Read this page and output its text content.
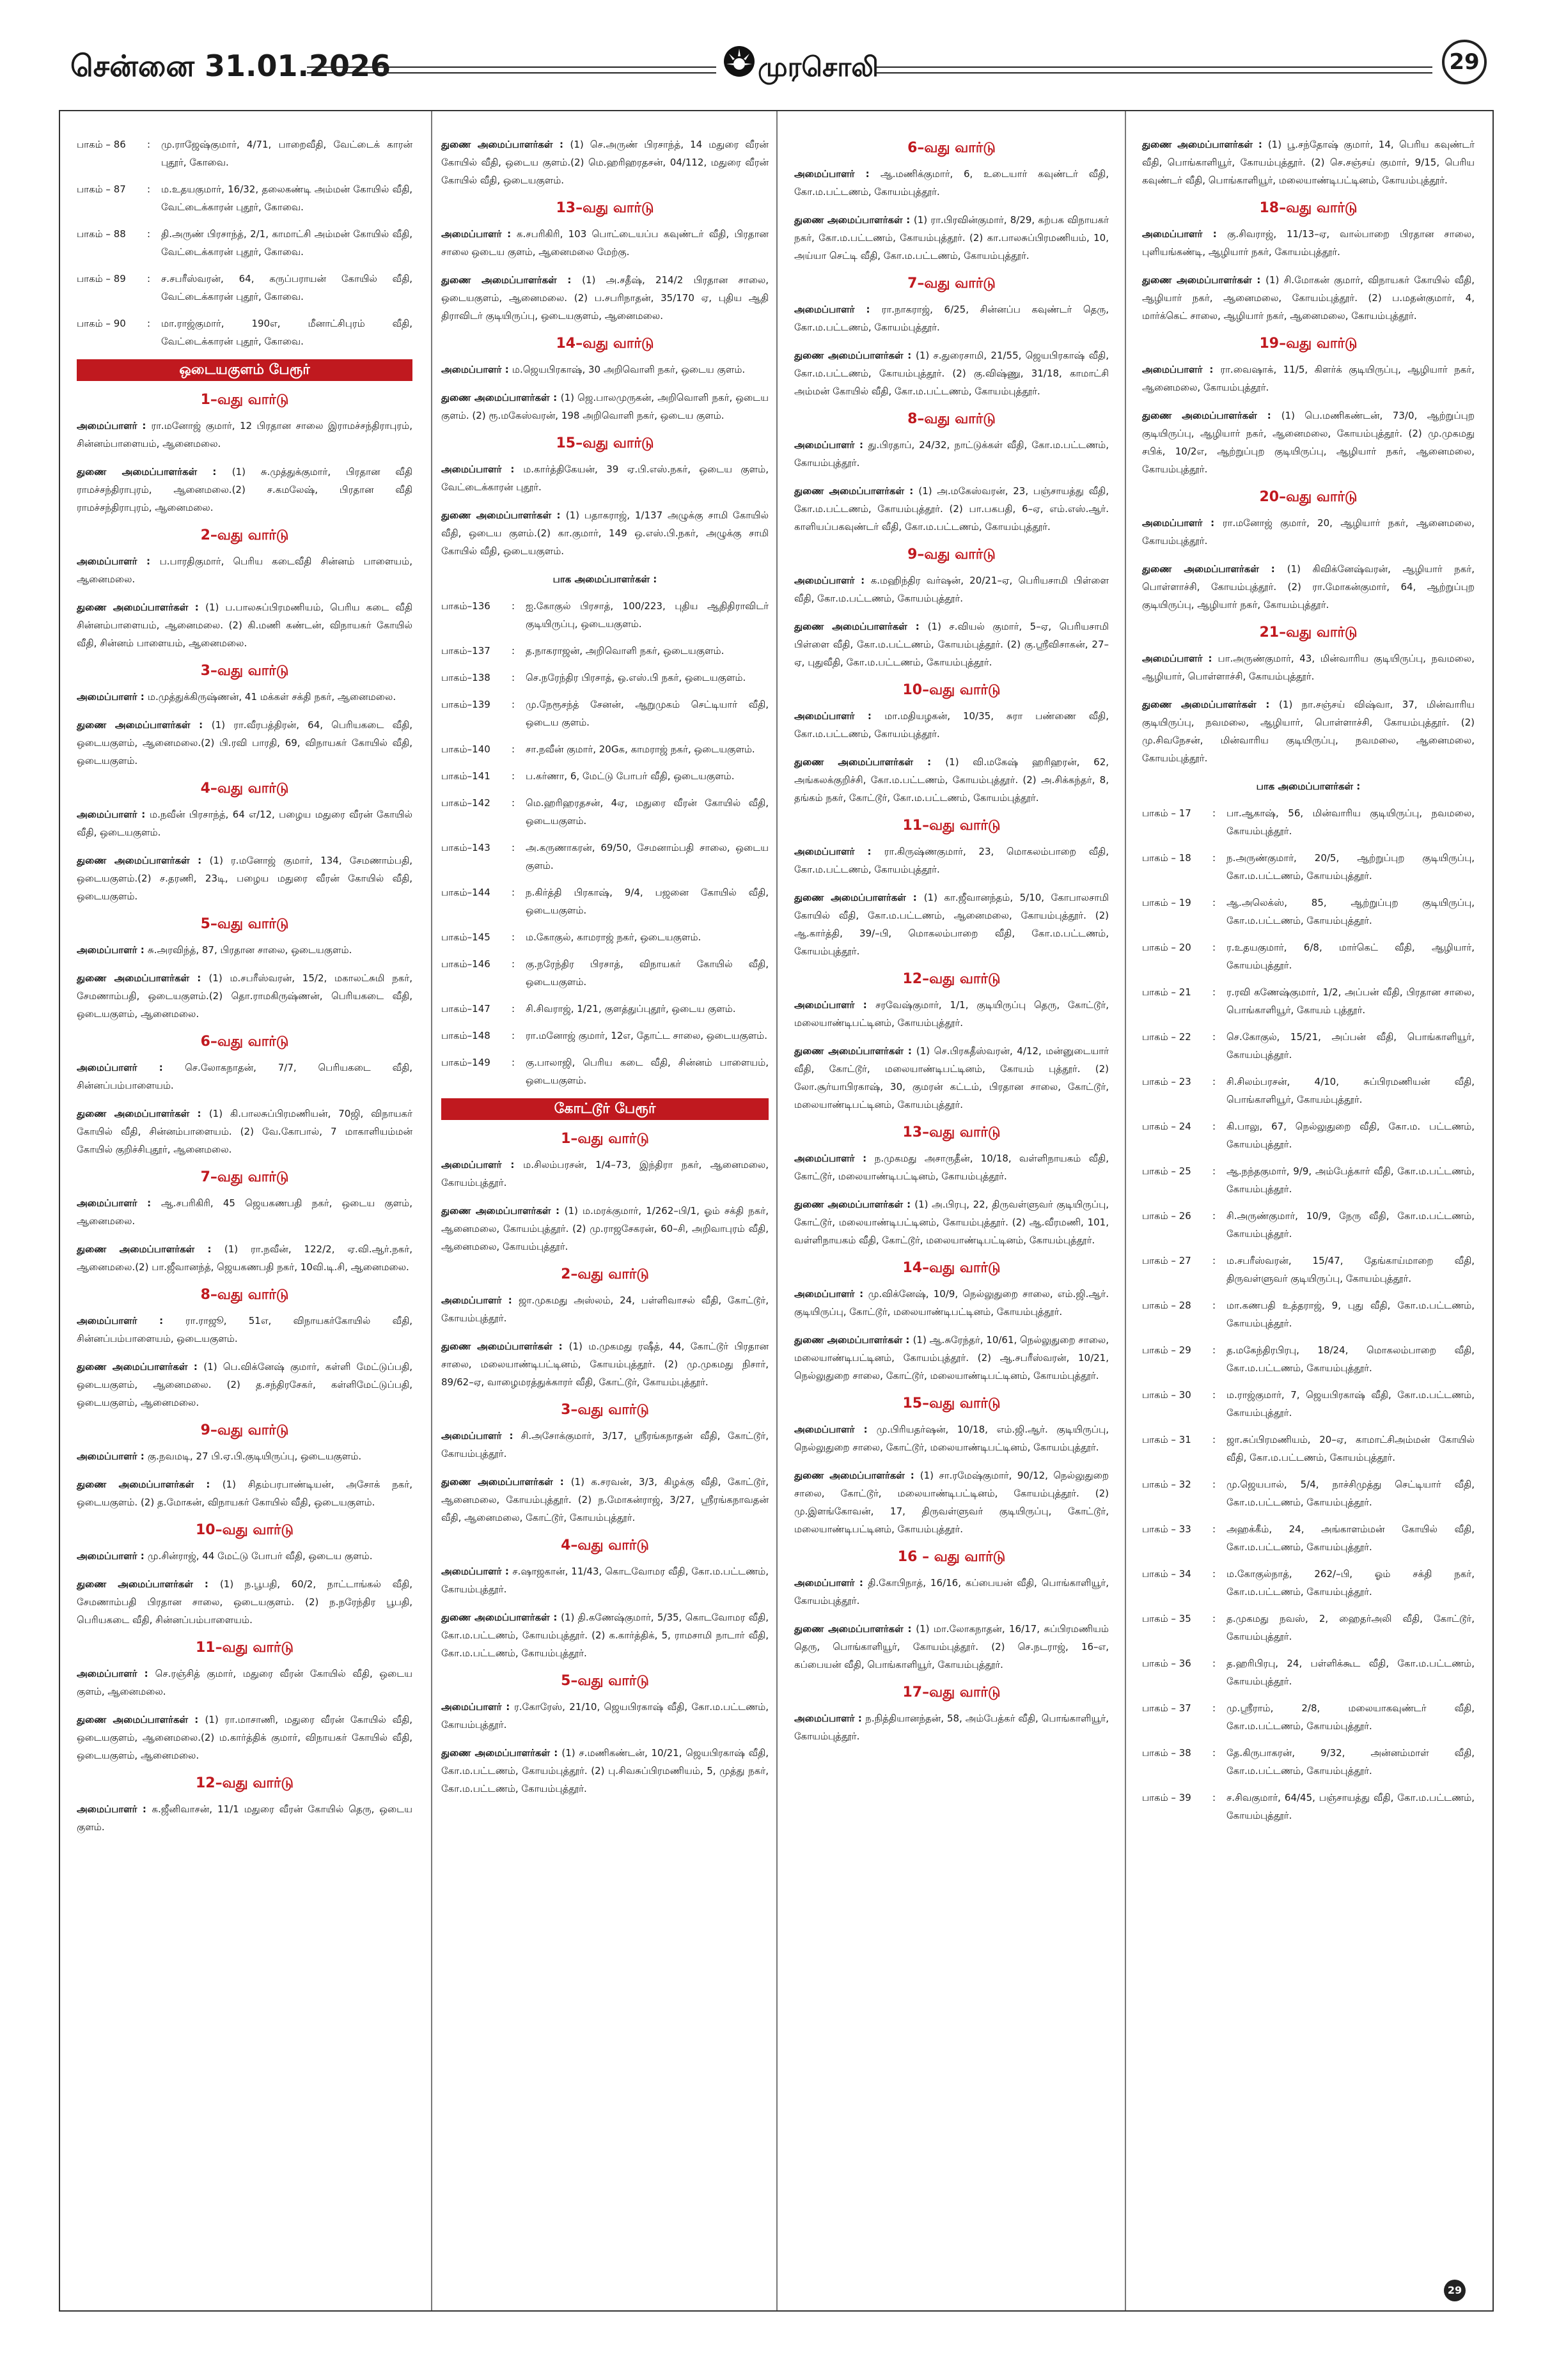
சென்னை 31.01.2026	முரசொலி	29
பாகம் – 86	:	மு.ராஜேஷ்குமார், 4/71, பாறைவீதி, வேட்டைக் காரன் புதூர், கோவை.
பாகம் – 87	:	ம.உதயகுமார், 16/32, தலைகண்டி அம்மன் கோயில் வீதி, வேட்டைக்காரன் புதூர், கோவை.
பாகம் – 88	:	தி.அருண் பிரசாந்த், 2/1, காமாட்சி அம்மன் கோயில் வீதி, வேட்டைக்காரன் புதூர், கோவை.
பாகம் – 89	:	ச.சபரீஸ்வரன், 64, கருப்பராயன் கோயில் வீதி, வேட்டைக்காரன் புதூர், கோவை.
பாகம் – 90	:	மா.ராஜ்குமார், 190எ, மீனாட்சிபுரம் வீதி, வேட்டைக்காரன் புதூர், கோவை.
ஒடையகுளம் பேரூர்
1–வது வார்டு

அமைப்பாளர் : ரா.மனோஜ் குமார், 12 பிரதான சாலை இராமச்சந்திராபுரம், சின்னம்பாளையம், ஆனைமலை.

துணை அமைப்பாளர்கள் : (1) சு.முத்துக்குமார், பிரதான வீதி ராமச்சந்திராபுரம், ஆனைமலை.(2) ச.கமலேஷ், பிரதான வீதி ராமச்சந்திராபுரம், ஆனைமலை.

2–வது வார்டு

அமைப்பாளர் : ப.பாரதிகுமார், பெரிய கடைவீதி சின்னம் பாளையம், ஆனைமலை.

துணை அமைப்பாளர்கள் : (1) ப.பாலசுப்பிரமணியம், பெரிய கடை வீதி சின்னம்பாளையம், ஆனைமலை. (2) கி.மணி கண்டன், விநாயகர் கோயில் வீதி, சின்னம் பாளையம், ஆனைமலை.

3–வது வார்டு

அமைப்பாளர் : ம.முத்துக்கிருஷ்ணன், 41 மக்கள் சக்தி நகர், ஆனைமலை.

துணை அமைப்பாளர்கள் : (1) ரா.வீரபத்திரன், 64, பெரியகடை வீதி, ஒடையகுளம், ஆனைமலை.(2) பி.ரவி பாரதி, 69, விநாயகர் கோயில் வீதி, ஒடையகுளம்.

4–வது வார்டு

அமைப்பாளர் : ம.நவீன் பிரசாந்த், 64 எ/12, பழைய மதுரை வீரன் கோயில் வீதி, ஒடையகுளம்.

துணை அமைப்பாளர்கள் : (1) ர.மனோஜ் குமார், 134, சேமணாம்பதி, ஒடையகுளம்.(2) ச.தரணி, 23டி, பழைய மதுரை வீரன் கோயில் வீதி, ஒடையகுளம்.

5–வது வார்டு

அமைப்பாளர் : சு.அரவிந்த், 87, பிரதான சாலை, ஒடையகுளம்.

துணை அமைப்பாளர்கள் : (1) ம.சபரீஸ்வரன், 15/2, மகாலட்சுமி நகர், சேமணாம்பதி, ஒடையகுளம்.(2) தொ.ராமகிருஷ்ணன், பெரியகடை வீதி, ஒடையகுளம், ஆனைமலை.

6–வது வார்டு

அமைப்பாளர் : செ.லோகநாதன், 7/7, பெரியகடை வீதி, சின்னப்பம்பாளையம்.

துணை அமைப்பாளர்கள் : (1) கி.பாலசுப்பிரமணியன், 70ஜி, விநாயகர் கோயில் வீதி, சின்னம்பாளையம். (2) வே.கோபால், 7 மாகாளியம்மன் கோயில் குறிச்சிபுதூர், ஆனைமலை.

7–வது வார்டு

அமைப்பாளர் : ஆ.சபரிகிரி, 45 ஜெயகணபதி நகர், ஒடைய குளம், ஆனைமலை.

துணை அமைப்பாளர்கள் : (1) ரா.நவீன், 122/2, ஏ.வி.ஆர்.நகர், ஆனைமலை.(2) பா.ஜீவானந்த், ஜெயகணபதி நகர், 10வி.டி.சி, ஆனைமலை.

8–வது வார்டு

அமைப்பாளர் : ரா.ராஜூ, 51எ, விநாயகர்கோயில் வீதி, சின்னப்பம்பாளையம், ஒடையகுளம்.

துணை அமைப்பாளர்கள் : (1) பெ.விக்னேஷ் குமார், கள்ளி மேட்டுப்பதி, ஒடையகுளம், ஆனைமலை. (2) த.சந்திரசேகர், கள்ளிமேட்டுப்பதி, ஒடையகுளம், ஆனைமலை.

9–வது வார்டு

அமைப்பாளர் : கு.நவமடி, 27 பி.ஏ.பி.குடியிருப்பு, ஒடையகுளம்.

துணை அமைப்பாளர்கள் : (1) சிதம்பரபாண்டியன், அசோக் நகர், ஒடையகுளம். (2) த.மோகன், விநாயகர் கோயில் வீதி, ஒடையகுளம்.

10–வது வார்டு

அமைப்பாளர் : மு.சின்ராஜ், 44 மேட்டு போபர் வீதி, ஒடைய குளம்.

துணை அமைப்பாளர்கள் : (1) ந.பூபதி, 60/2, நாட்டாங்கல் வீதி, சேமணாம்பதி பிரதான சாலை, ஒடையகுளம். (2) ந.நரேந்திர பூபதி, பெரியகடை வீதி, சின்னப்பம்பாளையம்.

11–வது வார்டு

அமைப்பாளர் : செ.ரஞ்சித் குமார், மதுரை வீரன் கோயில் வீதி, ஒடைய குளம், ஆனைமலை.

துணை அமைப்பாளர்கள் : (1) ரா.மாசாணி, மதுரை வீரன் கோயில் வீதி, ஒடையகுளம், ஆனைமலை.(2) ம.கார்த்திக் குமார், விநாயகர் கோயில் வீதி, ஒடையகுளம், ஆனைமலை.

12–வது வார்டு

அமைப்பாளர் : க.ஜீனிவாசன், 11/1 மதுரை வீரன் கோயில் தெரு, ஒடைய குளம்.

துணை அமைப்பாளர்கள் : (1) செ.அருண் பிரசாந்த், 14 மதுரை வீரன் கோயில் வீதி, ஒடைய குளம்.(2) மெ.ஹரிஹரதசன், 04/112, மதுரை வீரன் கோயில் வீதி, ஒடையகுளம்.

13–வது வார்டு

அமைப்பாளர் : க.சபரிகிரி, 103 பொட்டையப்ப கவுண்டர் வீதி, பிரதான சாலை ஒடைய குளம், ஆனைமலை மேற்கு.

துணை அமைப்பாளர்கள் : (1) அ.சதீஷ், 214/2 பிரதான சாலை, ஒடையகுளம், ஆனைமலை. (2) ப.சபரிநாதன், 35/170 ஏ, புதிய ஆதி திராவிடர் குடியிருப்பு, ஒடையகுளம், ஆனைமலை.

14–வது வார்டு

அமைப்பாளர் : ம.ஜெயபிரகாஷ், 30 அறிவொளி நகர், ஒடைய குளம்.

துணை அமைப்பாளர்கள் : (1) ஜெ.பாலமுருகன், அறிவொளி நகர், ஒடைய குளம். (2) ரூ.மகேஸ்வரன், 198 அறிவொளி நகர், ஒடைய குளம்.

15–வது வார்டு

அமைப்பாளர் : ம.கார்த்திகேயன், 39 ஏ.பி.எஸ்.நகர், ஒடைய குளம், வேட்டைக்காரன் புதூர்.

துணை அமைப்பாளர்கள் : (1) பதாகராஜ், 1/137 அழுக்கு சாமி கோயில் வீதி, ஒடைய குளம்.(2) கா.குமார், 149 ஒ.எஸ்.பி.நகர், அழுக்கு சாமி கோயில் வீதி, ஒடையகுளம்.

பாக அமைப்பாளர்கள் :
பாகம்–136	:	ஐ.கோகுல் பிரசாத், 100/223, புதிய ஆதிதிராவிடர் குடியிருப்பு, ஒடையகுளம்.
பாகம்–137	:	த.நாகராஜன், அறிவொளி நகர், ஒடையகுளம்.
பாகம்–138	:	செ.நரேந்திர பிரசாத், ஒ.எஸ்.பி நகர், ஒடையகுளம்.
பாகம்–139	:	மு.நேரூசந்த் சேனன், ஆறுமுகம் செட்டியார் வீதி, ஒடைய குளம்.
பாகம்–140	:	சா.நவீன் குமார், 20Gக, காமராஜ் நகர், ஒடையகுளம்.
பாகம்–141	:	ப.கர்ணா, 6, மேட்டு போபர் வீதி, ஒடையகுளம்.
பாகம்–142	:	மெ.ஹரிஹரதசன், 4ஏ, மதுரை வீரன் கோயில் வீதி, ஒடையகுளம்.
பாகம்–143	:	அ.கருணாகரன், 69/50, சேமனாம்பதி சாலை, ஒடைய குளம்.
பாகம்–144	:	ந.கிர்த்தி பிரகாஷ், 9/4, பஜனை கோயில் வீதி, ஒடையகுளம்.
பாகம்–145	:	ம.கோகுல், காமராஜ் நகர், ஒடையகுளம்.
பாகம்–146	:	கு.நரேந்திர பிரசாத், விநாயகர் கோயில் வீதி, ஒடையகுளம்.
பாகம்–147	:	சி.சிவராஜ், 1/21, குளத்துப்புதூர், ஒடைய குளம்.
பாகம்–148	:	ரா.மனோஜ் குமார், 12எ, தோட்ட சாலை, ஒடையகுளம்.
பாகம்–149	:	கு.பாலாஜி, பெரிய கடை வீதி, சின்னம் பாளையம், ஒடையகுளம்.
கோட்டூர் பேரூர்
1–வது வார்டு

அமைப்பாளர் : ம.சிலம்பரசன், 1/4–73, இந்திரா நகர், ஆனைமலை, கோயம்புத்தூர்.

துணை அமைப்பாளர்கள் : (1) ம.மரக்குமார், 1/262–பி/1, ஓம் சக்தி நகர், ஆனைமலை, கோயம்புத்தூர். (2) மு.ராஜசேகரன், 60–சி, அறிவாபுரம் வீதி, ஆனைமலை, கோயம்புத்தூர்.

2–வது வார்டு

அமைப்பாளர் : ஜா.முகமது அஸ்லம், 24, பள்ளிவாசல் வீதி, கோட்டூர், கோயம்புத்தூர்.

துணை அமைப்பாளர்கள் : (1) ம.முகமது ரஷீத், 44, கோட்டூர் பிரதான சாலை, மலையாண்டிபட்டினம், கோயம்புத்தூர். (2) மு.முகமது நிசார், 89/62–ஏ, வாழைமரத்துக்காரர் வீதி, கோட்டூர், கோயம்புத்தூர்.

3–வது வார்டு

அமைப்பாளர் : சி.அசோக்குமார், 3/17, ஸ்ரீரங்கநாதன் வீதி, கோட்டூர், கோயம்புத்தூர்.

துணை அமைப்பாளர்கள் : (1) க.சரவன், 3/3, கிழக்கு வீதி, கோட்டூர், ஆனைமலை, கோயம்புத்தூர். (2) ந.மோகன்ராஜ், 3/27, ஸ்ரீரங்கநாவதன் வீதி, ஆனைமலை, கோட்டூர், கோயம்புத்தூர்.

4–வது வார்டு

அமைப்பாளர் : ச.ஷாஜகான், 11/43, கொடவோமர வீதி, கோ.ம.பட்டணம், கோயம்புத்தூர்.

துணை அமைப்பாளர்கள் : (1) தி.கணேஷ்குமார், 5/35, கொடவோமர வீதி, கோ.ம.பட்டணம், கோயம்புத்தூர். (2) க.கார்த்திக், 5, ராமசாமி நாடார் வீதி, கோ.ம.பட்டணம், கோயம்புத்தூர்.

5–வது வார்டு

அமைப்பாளர் : ர.கோரேஸ், 21/10, ஜெயபிரகாஷ் வீதி, கோ.ம.பட்டணம், கோயம்புத்தூர்.

துணை அமைப்பாளர்கள் : (1) ச.மணிகண்டன், 10/21, ஜெயபிரகாஷ் வீதி, கோ.ம.பட்டணம், கோயம்புத்தூர். (2) பு.சிவசுப்பிரமணியம், 5, முத்து நகர், கோ.ம.பட்டணம், கோயம்புத்தூர்.

6–வது வார்டு

அமைப்பாளர் : ஆ.மணிக்குமார், 6, உடையார் கவுண்டர் வீதி, கோ.ம.பட்டணம், கோயம்புத்தூர்.

துணை அமைப்பாளர்கள் : (1) ரா.பிரவின்குமார், 8/29, கற்பக விநாயகர் நகர், கோ.ம.பட்டணம், கோயம்புத்தூர். (2) கா.பாலசுப்பிரமணியம், 10, அய்யா செட்டி வீதி, கோ.ம.பட்டணம், கோயம்புத்தூர்.

7–வது வார்டு

அமைப்பாளர் : ரா.நாகராஜ், 6/25, சின்னப்ப கவுண்டர் தெரு, கோ.ம.பட்டணம், கோயம்புத்தூர்.

துணை அமைப்பாளர்கள் : (1) ச.துரைசாமி, 21/55, ஜெயபிரகாஷ் வீதி, கோ.ம.பட்டணம், கோயம்புத்தூர். (2) கு.விஷ்ணு, 31/18, காமாட்சி அம்மன் கோயில் வீதி, கோ.ம.பட்டணம், கோயம்புத்தூர்.

8–வது வார்டு

அமைப்பாளர் : து.பிரதாப், 24/32, நாட்டுக்கள் வீதி, கோ.ம.பட்டணம், கோயம்புத்தூர்.

துணை அமைப்பாளர்கள் : (1) அ.மகேஸ்வரன், 23, பஞ்சாயத்து வீதி, கோ.ம.பட்டணம், கோயம்புத்தூர். (2) பா.பகபதி, 6–ஏ, எம்.எஸ்.ஆர். காளியப்பகவுண்டர் வீதி, கோ.ம.பட்டணம், கோயம்புத்தூர்.

9–வது வார்டு

அமைப்பாளர் : க.மஹிந்திர வர்ஷன், 20/21–ஏ, பெரியசாமி பிள்ளை வீதி, கோ.ம.பட்டணம், கோயம்புத்தூர்.

துணை அமைப்பாளர்கள் : (1) ச.வியல் குமார், 5–ஏ, பெரியசாமி பிள்ளை வீதி, கோ.ம.பட்டணம், கோயம்புத்தூர். (2) கு.ஸ்ரீவிசாகன், 27–ஏ, புதுவீதி, கோ.ம.பட்டணம், கோயம்புத்தூர்.

10–வது வார்டு

அமைப்பாளர் : மா.மதியழகன், 10/35, சுரா பண்ணை வீதி, கோ.ம.பட்டணம், கோயம்புத்தூர்.

துணை அமைப்பாளர்கள் : (1) வி.மகேஷ் ஹரிஹரன், 62, அங்கலக்குறிச்சி, கோ.ம.பட்டணம், கோயம்புத்தூர். (2) அ.சிக்கந்தர், 8, தங்கம் நகர், கோட்டூர், கோ.ம.பட்டணம், கோயம்புத்தூர்.

11–வது வார்டு

அமைப்பாளர் : ரா.கிருஷ்ணகுமார், 23, மொகலம்பாறை வீதி, கோ.ம.பட்டணம், கோயம்புத்தூர்.

துணை அமைப்பாளர்கள் : (1) கா.ஜீவானந்தம், 5/10, கோபாலசாமி கோயில் வீதி, கோ.ம.பட்டணம், ஆனைமலை, கோயம்புத்தூர். (2) ஆ.கார்த்தி, 39/–பி, மொகலம்பாறை வீதி, கோ.ம.பட்டணம், கோயம்புத்தூர்.

12–வது வார்டு

அமைப்பாளர் : சரவேஷ்குமார், 1/1, குடியிருப்பு தெரு, கோட்டூர், மலையாண்டிபட்டினம், கோயம்புத்தூர்.

துணை அமைப்பாளர்கள் : (1) செ.பிரகதீஸ்வரன், 4/12, மன்னுடையார் வீதி, கோட்டூர், மலையாண்டிபட்டினம், கோயம் புத்தூர். (2) லோ.சூர்யாபிரகாஷ், 30, குமரன் கட்டம், பிரதான சாலை, கோட்டூர், மலையாண்டிபட்டினம், கோயம்புத்தூர்.

13–வது வார்டு

அமைப்பாளர் : ந.முகமது அசாருதீன், 10/18, வள்ளிநாயகம் வீதி, கோட்டூர், மலையாண்டிபட்டினம், கோயம்புத்தூர்.

துணை அமைப்பாளர்கள் : (1) அ.பிரபு, 22, திருவள்ளுவர் குடியிருப்பு, கோட்டூர், மலையாண்டிபட்டினம், கோயம்புத்தூர். (2) ஆ.வீரமணி, 101, வள்ளிநாயகம் வீதி, கோட்டூர், மலையாண்டிபட்டினம், கோயம்புத்தூர்.

14–வது வார்டு

அமைப்பாளர் : மு.விக்னேஷ், 10/9, நெல்லுதுறை சாலை, எம்.ஜி.ஆர். குடியிருப்பு, கோட்டூர், மலையாண்டிபட்டினம், கோயம்புத்தூர்.

துணை அமைப்பாளர்கள் : (1) ஆ.சுரேந்தர், 10/61, நெல்லுதுறை சாலை, மலையாண்டிபட்டினம், கோயம்புத்தூர். (2) ஆ.சபரீஸ்வரன், 10/21, நெல்லுதுறை சாலை, கோட்டூர், மலையாண்டிபட்டினம், கோயம்புத்தூர்.

15–வது வார்டு

அமைப்பாளர் : மு.பிரியதர்ஷன், 10/18, எம்.ஜி.ஆர். குடியிருப்பு, நெல்லுதுறை சாலை, கோட்டூர், மலையாண்டிபட்டினம், கோயம்புத்தூர்.

துணை அமைப்பாளர்கள் : (1) சா.ரமேஷ்குமார், 90/12, நெல்லுதுறை சாலை, கோட்டூர், மலையாண்டிபட்டினம், கோயம்புத்தூர். (2) மு.இளங்கோவன், 17, திருவள்ளுவர் குடியிருப்பு, கோட்டூர், மலையாண்டிபட்டினம், கோயம்புத்தூர்.

16 – வது வார்டு

அமைப்பாளர் : தி.கோபிநாத், 16/16, கப்பையன் வீதி, பொங்காளியூர், கோயம்புத்தூர்.

துணை அமைப்பாளர்கள் : (1) மா.லோகநாதன், 16/17, சுப்பிரமணியம் தெரு, பொங்காளியூர், கோயம்புத்தூர். (2) செ.நடராஜ், 16–எ, கப்பையன் வீதி, பொங்காளியூர், கோயம்புத்தூர்.

17–வது வார்டு

அமைப்பாளர் : ந.நித்தியானந்தன், 58, அம்பேத்கர் வீதி, பொங்காளியூர், கோயம்புத்தூர்.

துணை அமைப்பாளர்கள் : (1) பூ.சந்தோஷ் குமார், 14, பெரிய கவுண்டர் வீதி, பொங்காளியூர், கோயம்புத்தூர். (2) செ.சஞ்சய் குமார், 9/15, பெரிய கவுண்டர் வீதி, பொங்காளியூர், மலையாண்டிபட்டினம், கோயம்புத்தூர்.

18–வது வார்டு

அமைப்பாளர் : கு.சிவராஜ், 11/13–ஏ, வால்பாறை பிரதான சாலை, புளியங்கண்டி, ஆழியார் நகர், கோயம்புத்தூர்.

துணை அமைப்பாளர்கள் : (1) சி.மோகன் குமார், விநாயகர் கோயில் வீதி, ஆழியார் நகர், ஆனைமலை, கோயம்புத்தூர். (2) ப.மதன்குமார், 4, மார்க்கெட் சாலை, ஆழியார் நகர், ஆனைமலை, கோயம்புத்தூர்.

19–வது வார்டு

அமைப்பாளர் : ரா.வைஷாக், 11/5, கிளர்க் குடியிருப்பு, ஆழியார் நகர், ஆனைமலை, கோயம்புத்தூர்.

துணை அமைப்பாளர்கள் : (1) பெ.மணிகண்டன், 73/0, ஆற்றுப்புற குடியிருப்பு, ஆழியார் நகர், ஆனைமலை, கோயம்புத்தூர். (2) மு.முகமது சபிக், 10/2எ, ஆற்றுப்புற குடியிருப்பு, ஆழியார் நகர், ஆனைமலை, கோயம்புத்தூர்.

20–வது வார்டு

அமைப்பாளர் : ரா.மனோஜ் குமார், 20, ஆழியார் நகர், ஆனைமலை, கோயம்புத்தூர்.

துணை அமைப்பாளர்கள் : (1) கிவிக்னேஷ்வரன், ஆழியார் நகர், பொள்ளாச்சி, கோயம்புத்தூர். (2) ரா.மோகன்குமார், 64, ஆற்றுப்புற குடியிருப்பு, ஆழியார் நகர், கோயம்புத்தூர்.

21–வது வார்டு

அமைப்பாளர் : பா.அருண்குமார், 43, மின்வாரிய குடியிருப்பு, நவமலை, ஆழியார், பொள்ளாச்சி, கோயம்புத்தூர்.

துணை அமைப்பாளர்கள் : (1) நா.சஞ்சய் விஷ்வா, 37, மின்வாரிய குடியிருப்பு, நவமலை, ஆழியார், பொள்ளாச்சி, கோயம்புத்தூர். (2) மு.சிவநேசன், மின்வாரிய குடியிருப்பு, நவமலை, ஆனைமலை, கோயம்புத்தூர்.

பாக அமைப்பாளர்கள் :
பாகம் – 17	:	பா.ஆகாஷ், 56, மின்வாரிய குடியிருப்பு, நவமலை, கோயம்புத்தூர்.
பாகம் – 18	:	ந.அருண்குமார், 20/5, ஆற்றுப்புற குடியிருப்பு, கோ.ம.பட்டணம், கோயம்புத்தூர்.
பாகம் – 19	:	ஆ.அலெக்ஸ், 85, ஆற்றுப்புற குடியிருப்பு, கோ.ம.பட்டணம், கோயம்புத்தூர்.
பாகம் – 20	:	ர.உதயகுமார், 6/8, மார்கெட் வீதி, ஆழியார், கோயம்புத்தூர்.
பாகம் – 21	:	ர.ரவி கணேஷ்குமார், 1/2, அப்பன் வீதி, பிரதான சாலை, பொங்காளியூர், கோயம் புத்தூர்.
பாகம் – 22	:	செ.கோகுல், 15/21, அப்பன் வீதி, பொங்காளியூர், கோயம்புத்தூர்.
பாகம் – 23	:	சி.சிலம்பரசன், 4/10, சுப்பிரமணியன் வீதி, பொங்காளியூர், கோயம்புத்தூர்.
பாகம் – 24	:	கி.பாலு, 67, நெல்லுதுறை வீதி, கோ.ம. பட்டணம், கோயம்புத்தூர்.
பாகம் – 25	:	ஆ.நந்தகுமார், 9/9, அம்பேத்கார் வீதி, கோ.ம.பட்டணம், கோயம்புத்தூர்.
பாகம் – 26	:	சி.அருண்குமார், 10/9, நேரு வீதி, கோ.ம.பட்டணம், கோயம்புத்தூர்.
பாகம் – 27	:	ம.சபரீஸ்வரன், 15/47, தேங்காய்மாறை வீதி, திருவள்ளுவர் குடியிருப்பு, கோயம்புத்தூர்.
பாகம் – 28	:	மா.கணபதி உத்தராஜ், 9, புது வீதி, கோ.ம.பட்டணம், கோயம்புத்தூர்.
பாகம் – 29	:	த.மகேந்திரபிரபு, 18/24, மொகலம்பாறை வீதி, கோ.ம.பட்டணம், கோயம்புத்தூர்.
பாகம் – 30	:	ம.ராஜ்குமார், 7, ஜெயபிரகாஷ் வீதி, கோ.ம.பட்டணம், கோயம்புத்தூர்.
பாகம் – 31	:	ஜா.சுப்பிரமணியம், 20–ஏ, காமாட்சிஅம்மன் கோயில் வீதி, கோ.ம.பட்டணம், கோயம்புத்தூர்.
பாகம் – 32	:	மு.ஜெயபால், 5/4, நாச்சிமுத்து செட்டியார் வீதி, கோ.ம.பட்டணம், கோயம்புத்தூர்.
பாகம் – 33	:	அஹக்கீம், 24, அங்காளம்மன் கோயில் வீதி, கோ.ம.பட்டணம், கோயம்புத்தூர்.
பாகம் – 34	:	ம.கோகுல்நாத், 262/–பி, ஓம் சக்தி நகர், கோ.ம.பட்டணம், கோயம்புத்தூர்.
பாகம் – 35	:	த.முகமது நவஸ், 2, ஹைதர்அலி வீதி, கோட்டூர், கோயம்புத்தூர்.
பாகம் – 36	:	த.ஹரிபிரபு, 24, பள்ளிக்கூட வீதி, கோ.ம.பட்டணம், கோயம்புத்தூர்.
பாகம் – 37	:	மு.ஸ்ரீராம், 2/8, மலையாகவுண்டர் வீதி, கோ.ம.பட்டணம், கோயம்புத்தூர்.
பாகம் – 38	:	தே.கிருபாகரன், 9/32, அன்னம்மாள் வீதி, கோ.ம.பட்டணம், கோயம்புத்தூர்.
பாகம் – 39	:	ச.சிவகுமார், 64/45, பஞ்சாயத்து வீதி, கோ.ம.பட்டணம், கோயம்புத்தூர்.
29
